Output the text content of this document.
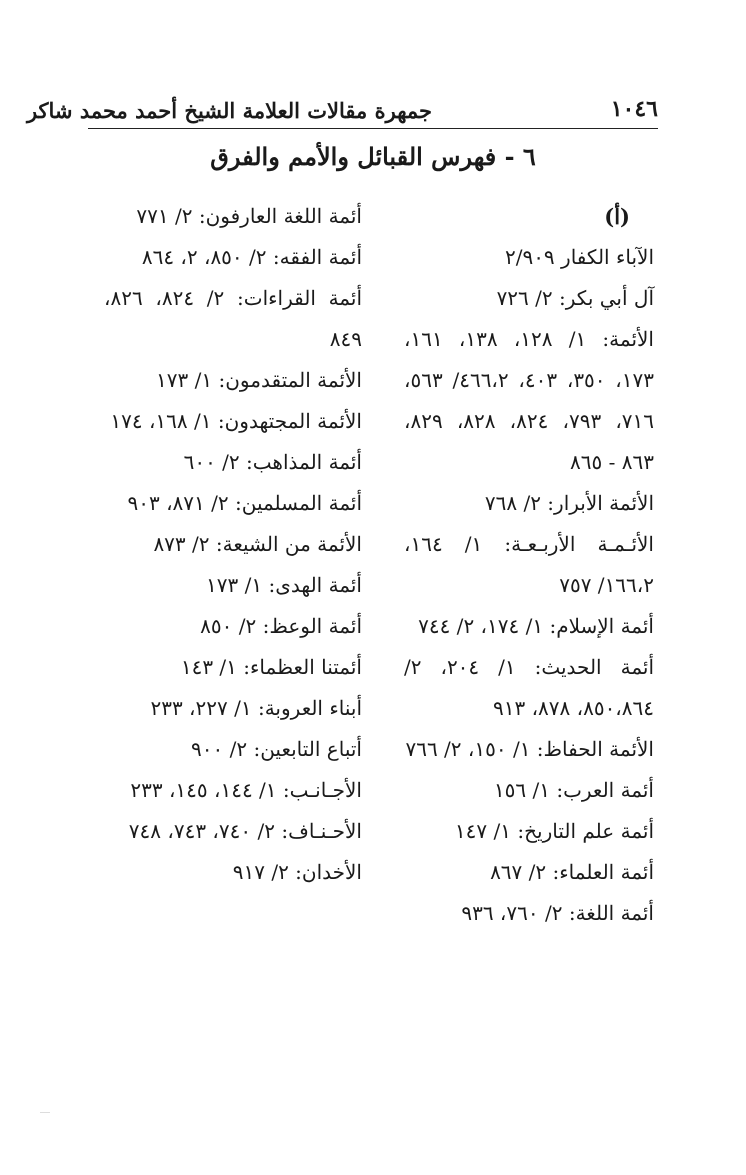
١٠٤٦
جمهرة مقالات العلامة الشيخ أحمد محمد شاكر
٦ - فهرس القبائل والأمم والفرق
(أ)
الآباء الكفار ٢/٩٠٩
آل أبي بكر: ٢/ ٧٢٦
الأئمة: ١/ ١٢٨، ١٣٨، ١٦١، ١٧٣، ٣٥٠، ٤٠٣، ٤٦٦،٢/ ٥٦٣، ٧١٦، ٧٩٣، ٨٢٤، ٨٢٨، ٨٢٩، ٨٦٣ - ٨٦٥
الأئمة الأبرار: ٢/ ٧٦٨
الأئـمـة الأربـعـة: ١/ ١٦٤، ١٦٦،٢/ ٧٥٧
أئمة الإسلام: ١/ ١٧٤، ٢/ ٧٤٤
أئمة الحديث: ١/ ٢٠٤، ٢/ ٨٥٠،٨٦٤، ٨٧٨، ٩١٣
الأئمة الحفاظ: ١/ ١٥٠، ٢/ ٧٦٦
أئمة العرب: ١/ ١٥٦
أئمة علم التاريخ: ١/ ١٤٧
أئمة العلماء: ٢/ ٨٦٧
أئمة اللغة: ٢/ ٧٦٠، ٩٣٦
أئمة اللغة العارفون: ٢/ ٧٧١
أئمة الفقه: ٢/ ٨٥٠، ٢، ٨٦٤
أئمة القراءات: ٢/ ٨٢٤، ٨٢٦، ٨٤٩
الأئمة المتقدمون: ١/ ١٧٣
الأئمة المجتهدون: ١/ ١٦٨، ١٧٤
أئمة المذاهب: ٢/ ٦٠٠
أئمة المسلمين: ٢/ ٨٧١، ٩٠٣
الأئمة من الشيعة: ٢/ ٨٧٣
أئمة الهدى: ١/ ١٧٣
أئمة الوعظ: ٢/ ٨٥٠
أئمتنا العظماء: ١/ ١٤٣
أبناء العروبة: ١/ ٢٢٧، ٢٣٣
أتباع التابعين: ٢/ ٩٠٠
الأجـانـب: ١/ ١٤٤، ١٤٥، ٢٣٣
الأحـنـاف: ٢/ ٧٤٠، ٧٤٣، ٧٤٨
الأخدان: ٢/ ٩١٧
